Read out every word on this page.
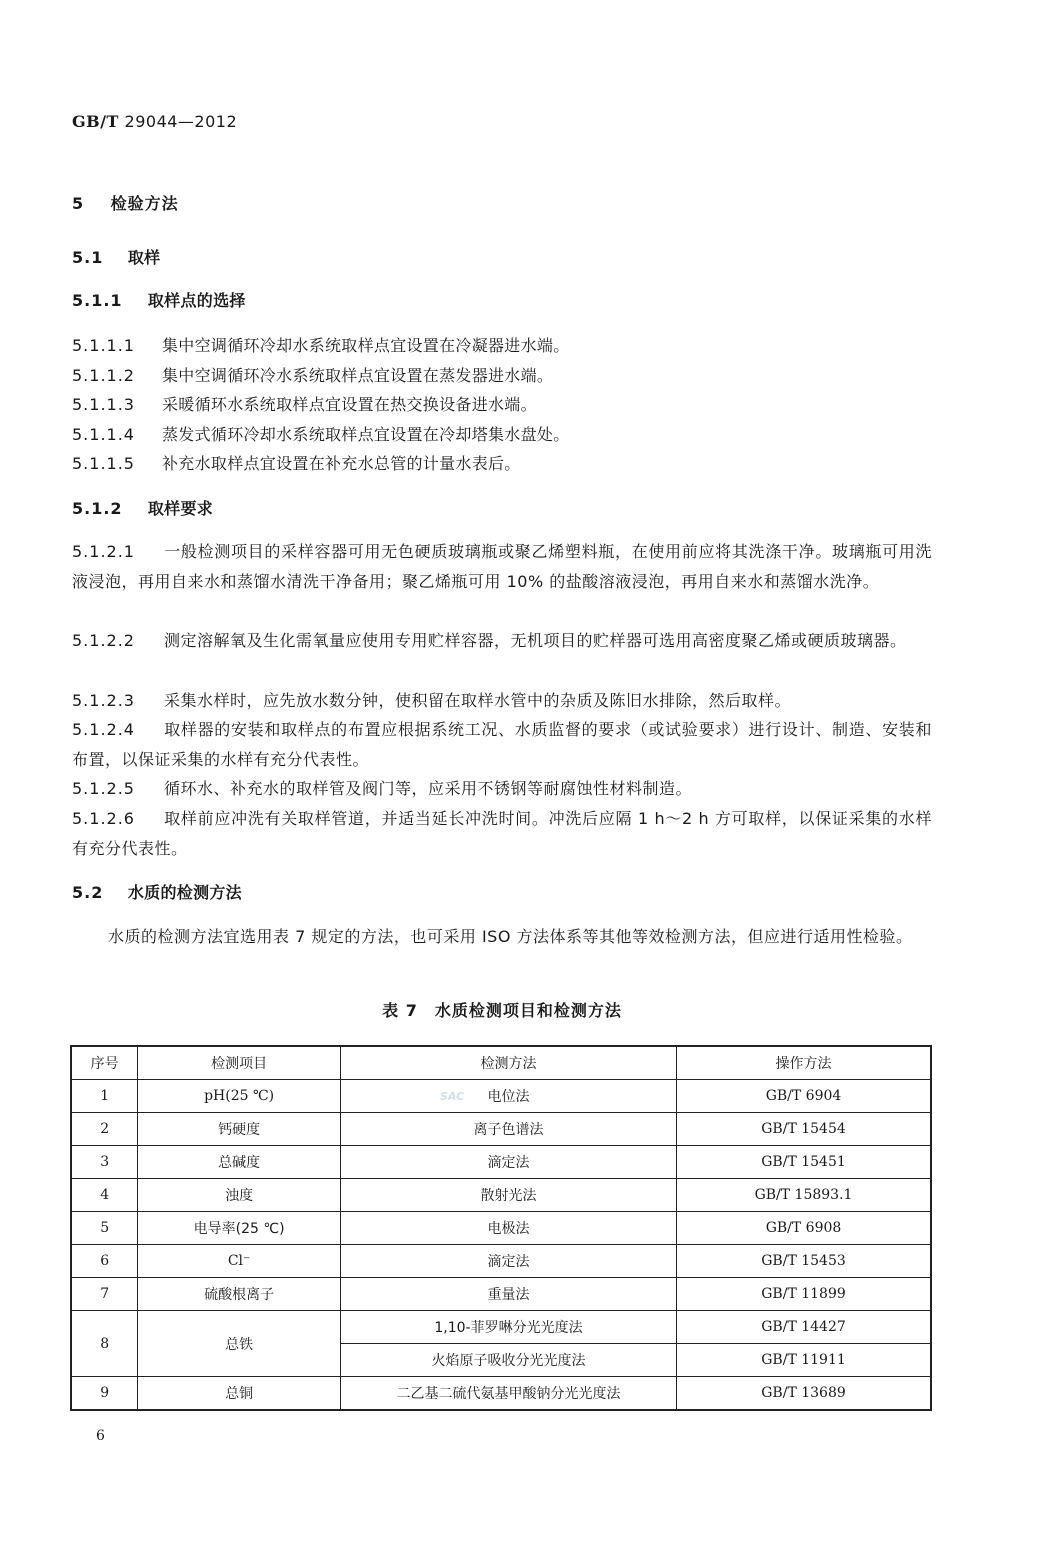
GB/T 29044—2012
5 检验方法
5.1 取样
5.1.1 取样点的选择
5.1.1.1 集中空调循环冷却水系统取样点宜设置在冷凝器进水端。
5.1.1.2 集中空调循环冷水系统取样点宜设置在蒸发器进水端。
5.1.1.3 采暖循环水系统取样点宜设置在热交换设备进水端。
5.1.1.4 蒸发式循环冷却水系统取样点宜设置在冷却塔集水盘处。
5.1.1.5 补充水取样点宜设置在补充水总管的计量水表后。
5.1.2 取样要求
5.1.2.1 一般检测项目的采样容器可用无色硬质玻璃瓶或聚乙烯塑料瓶，在使用前应将其洗涤干净。玻璃瓶可用洗液浸泡，再用自来水和蒸馏水清洗干净备用；聚乙烯瓶可用 10% 的盐酸溶液浸泡，再用自来水和蒸馏水洗净。
5.1.2.2 测定溶解氧及生化需氧量应使用专用贮样容器，无机项目的贮样器可选用高密度聚乙烯或硬质玻璃器。
5.1.2.3 采集水样时，应先放水数分钟，使积留在取样水管中的杂质及陈旧水排除，然后取样。
5.1.2.4 取样器的安装和取样点的布置应根据系统工况、水质监督的要求（或试验要求）进行设计、制造、安装和布置，以保证采集的水样有充分代表性。
5.1.2.5 循环水、补充水的取样管及阀门等，应采用不锈钢等耐腐蚀性材料制造。
5.1.2.6 取样前应冲洗有关取样管道，并适当延长冲洗时间。冲洗后应隔 1 h～2 h 方可取样，以保证采集的水样有充分代表性。
5.2 水质的检测方法
水质的检测方法宜选用表 7 规定的方法，也可采用 ISO 方法体系等其他等效检测方法，但应进行适用性检验。
表 7　水质检测项目和检测方法
序号	检测项目	检测方法	操作方法
1	pH(25 ℃)	电位法	GB/T 6904
2	钙硬度	离子色谱法	GB/T 15454
3	总碱度	滴定法	GB/T 15451
4	浊度	散射光法	GB/T 15893.1
5	电导率(25 ℃)	电极法	GB/T 6908
6	Cl⁻	滴定法	GB/T 15453
7	硫酸根离子	重量法	GB/T 11899
8	总铁	1,10-菲罗啉分光光度法	GB/T 14427
		火焰原子吸收分光光度法	GB/T 11911
9	总铜	二乙基二硫代氨基甲酸钠分光光度法	GB/T 13689
SAC
6
